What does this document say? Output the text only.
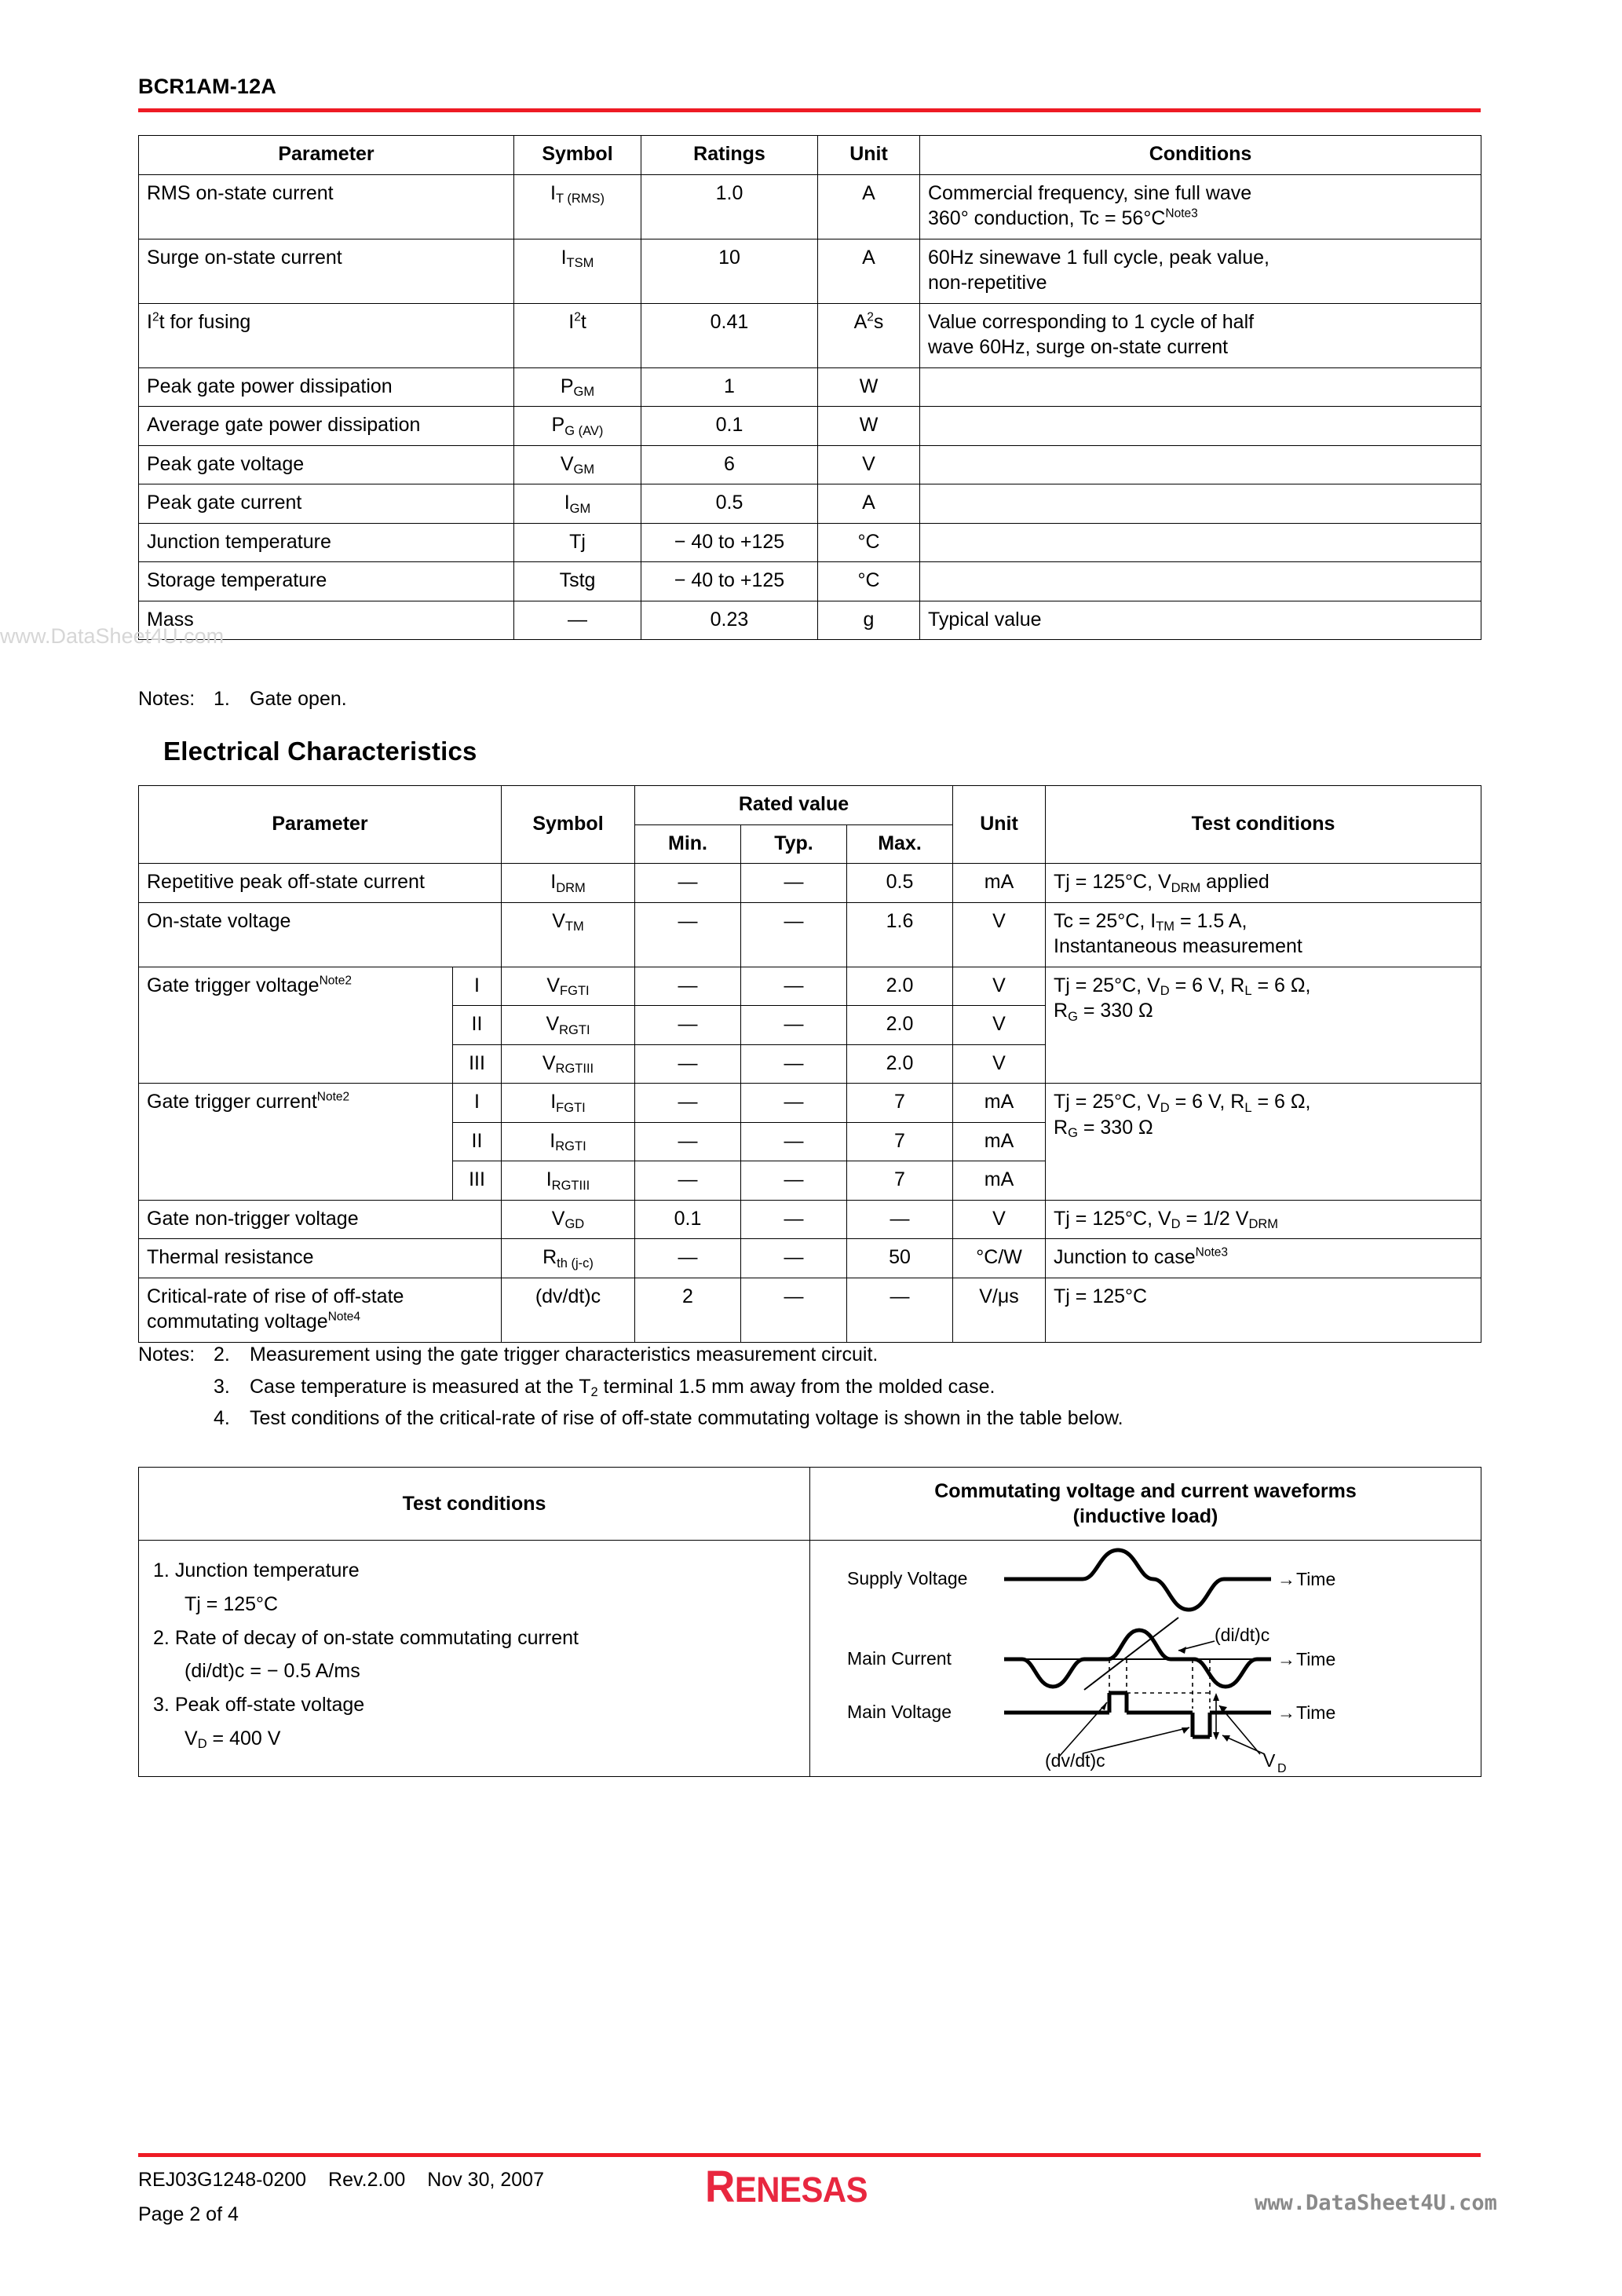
BCR1AM-12A
Parameter	Symbol	Ratings	Unit	Conditions
RMS on-state current	$I_{T (RMS)}$	1.0	A	Commercial frequency, sine full wave
360° conduction, $Tc = 56^\circ C^{Note3}$

Surge on-state current	$I_{TSM}$	10	A	60Hz sinewave 1 full cycle, peak value,
non-repetitive

$I^2t$ for fusing	$I^2t$	0.41	$A^2s$	Value corresponding to 1 cycle of half
wave 60Hz, surge on-state current

Peak gate power dissipation	$P_{GM}$	1	W	
Average gate power dissipation	$P_{G (AV)}$	0.1	W	
Peak gate voltage	$V_{GM}$	6	V	
Peak gate current	$I_{GM}$	0.5	A	
Junction temperature	Tj	− 40 to +125	°C	
Storage temperature	Tstg	− 40 to +125	°C	
Mass	—	0.23	g	Typical value
Notes: 1.	Gate open.
Electrical Characteristics
Parameter		Symbol	Rated value			Unit	Test conditions
			Min.	Typ.	Max.		
Repetitive peak off-state current		$I_{DRM}$	—	—	0.5	mA	Tj = 125°C, $V_{DRM}$ applied
On-state voltage		$V_{TM}$	—	—	1.6	V	Tc = 25°C, $I_{TM} = 1.5$ A,
Instantaneous measurement

Gate trigger voltage$^{Note2}$	I	$V_{FGTI}$	—	—	2.0	V	Tj = 25°C, $V_D = 6$ V, $R_L = 6$ Ω,
$R_G = 330$ Ω

	II	$V_{RGTI}$	—	—	2.0	V	
	III	$V_{RGTIII}$	—	—	2.0	V	
Gate trigger current$^{Note2}$	I	$I_{FGTI}$	—	—	7	mA	Tj = 25°C, $V_D = 6$ V, $R_L = 6$ Ω,
$R_G = 330$ Ω

	II	$I_{RGTI}$	—	—	7	mA	
	III	$I_{RGTIII}$	—	—	7	mA	
Gate non-trigger voltage		$V_{GD}$	0.1	—	—	V	Tj = 125°C, $V_D = 1/2$ $V_{DRM}$
Thermal resistance		$R_{th (j-c)}$	—	—	50	°C/W	Junction to case$^{Note3}$

Critical-rate of rise of off-state
commutating voltage$^{Note4}$		(dv/dt)c	2	—	—	V/μs	Tj = 125°C
Notes: 2.	Measurement using the gate trigger characteristics measurement circuit.
3.	Case temperature is measured at the $T_2$ terminal 1.5 mm away from the molded case.
4.	Test conditions of the critical-rate of rise of off-state commutating voltage is shown in the table below.
Test conditions	Commutating voltage and current waveforms
(inductive load)

1. Junction temperature
Tj = 125°C
2. Rate of decay of on-state commutating current
(di/dt)c = − 0.5 A/ms
3. Peak off-state voltage
$V_D = 400$ V

Supply Voltage	→ Time
Main Current	→ Time
(di/dt)c
Main Voltage	→ Time
(dv/dt)c	V D
REJ03G1248-0200 Rev.2.00 Nov 30, 2007
Page 2 of 4
RENESAS
www.DataSheet4U.com
www.DataSheet4U.com
